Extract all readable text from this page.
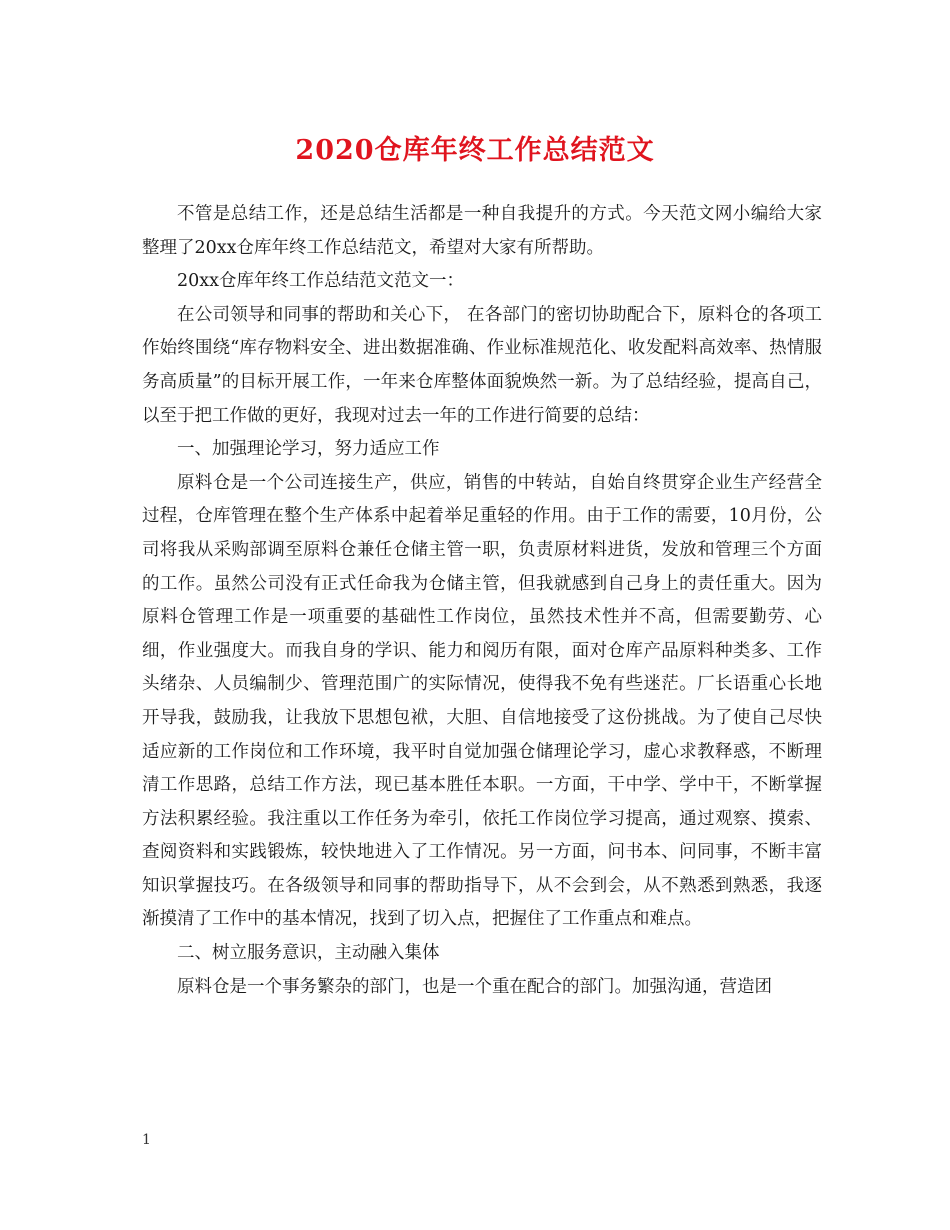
2020仓库年终工作总结范文

不管是总结工作，还是总结生活都是一种自我提升的方式。今天范文网小编给大家整理了20xx仓库年终工作总结范文，希望对大家有所帮助。

20xx仓库年终工作总结范文范文一：

在公司领导和同事的帮助和关心下， 在各部门的密切协助配合下，原料仓的各项工作始终围绕“库存物料安全、进出数据准确、作业标准规范化、收发配料高效率、热情服务高质量”的目标开展工作，一年来仓库整体面貌焕然一新。为了总结经验，提高自己，以至于把工作做的更好，我现对过去一年的工作进行简要的总结：

一、加强理论学习，努力适应工作

原料仓是一个公司连接生产，供应，销售的中转站，自始自终贯穿企业生产经营全过程，仓库管理在整个生产体系中起着举足重轻的作用。由于工作的需要，10月份，公司将我从采购部调至原料仓兼任仓储主管一职，负责原材料进货，发放和管理三个方面的工作。虽然公司没有正式任命我为仓储主管，但我就感到自己身上的责任重大。因为原料仓管理工作是一项重要的基础性工作岗位，虽然技术性并不高，但需要勤劳、心细，作业强度大。而我自身的学识、能力和阅历有限，面对仓库产品原料种类多、工作头绪杂、人员编制少、管理范围广的实际情况，使得我不免有些迷茫。厂长语重心长地开导我，鼓励我，让我放下思想包袱，大胆、自信地接受了这份挑战。为了使自己尽快适应新的工作岗位和工作环境，我平时自觉加强仓储理论学习，虚心求教释惑，不断理清工作思路，总结工作方法，现已基本胜任本职。一方面，干中学、学中干，不断掌握方法积累经验。我注重以工作任务为牵引，依托工作岗位学习提高，通过观察、摸索、查阅资料和实践锻炼，较快地进入了工作情况。另一方面，问书本、问同事，不断丰富知识掌握技巧。在各级领导和同事的帮助指导下，从不会到会，从不熟悉到熟悉，我逐渐摸清了工作中的基本情况，找到了切入点，把握住了工作重点和难点。

二、树立服务意识，主动融入集体

原料仓是一个事务繁杂的部门，也是一个重在配合的部门。加强沟通，营造团

1
